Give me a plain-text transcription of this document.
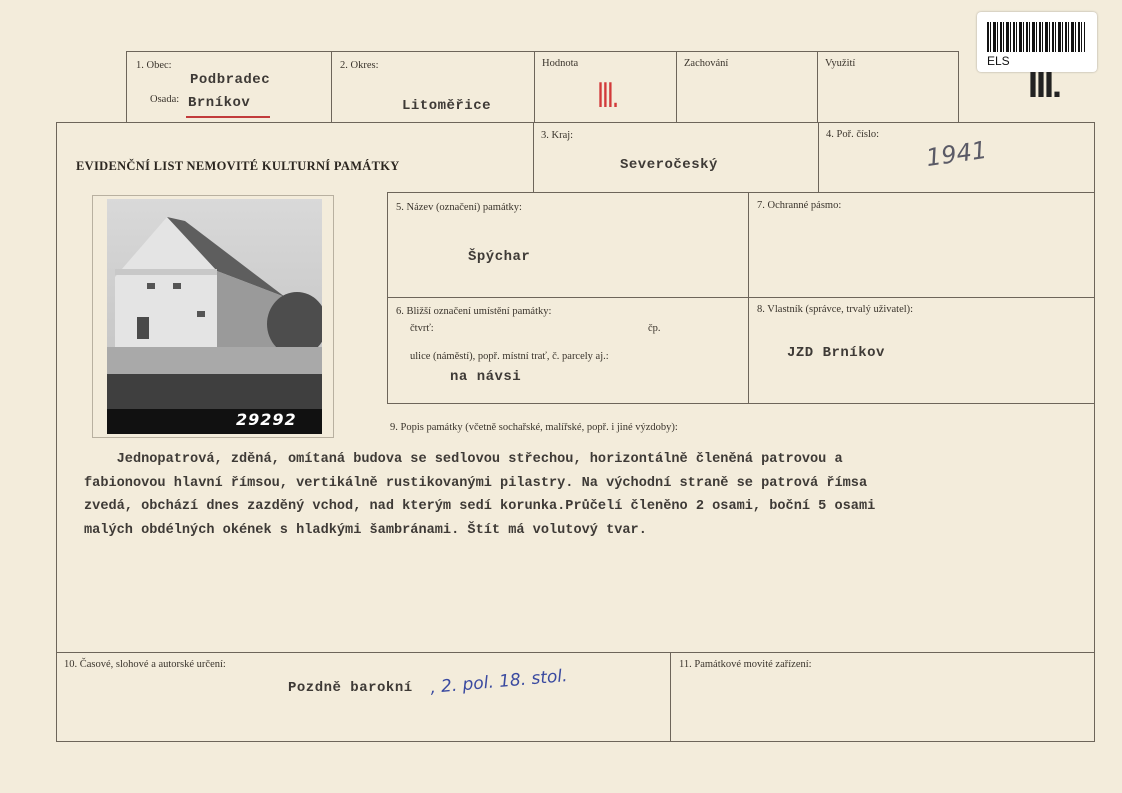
ELS
III.
1. Obec:
Podbradec
Osada: Brníkov
2. Okres:
Litoměřice
Hodnota
III.
Zachování	Využití
EVIDENČNÍ LIST NEMOVITÉ KULTURNÍ PAMÁTKY
3. Kraj:
Severočeský
4. Poř. číslo:
1941
29292
5. Název (označení) památky:
Špýchar
7. Ochranné pásmo:
6. Bližší označení umístění památky:
čtvrť:	čp.
ulice (náměstí), popř. místní trať, č. parcely aj.:
na návsi
8. Vlastník (správce, trvalý uživatel):
JZD Brníkov
9. Popis památky (včetně sochařské, malířské, popř. i jiné výzdoby):
Jednopatrová, zděná, omítaná budova se sedlovou střechou, horizontálně členěná patrovou a
fabionovou hlavní římsou, vertikálně rustikovanými pilastry. Na východní straně se patrová římsa
zvedá, obchází dnes zazděný vchod, nad kterým sedí korunka.Průčelí členěno 2 osami, boční 5 osami
malých obdélných okének s hladkými šambránami. Štít má volutový tvar.
10. Časové, slohové a autorské určení:
Pozdně barokní , 2. pol. 18. stol.
11. Památkové movité zařízení:
